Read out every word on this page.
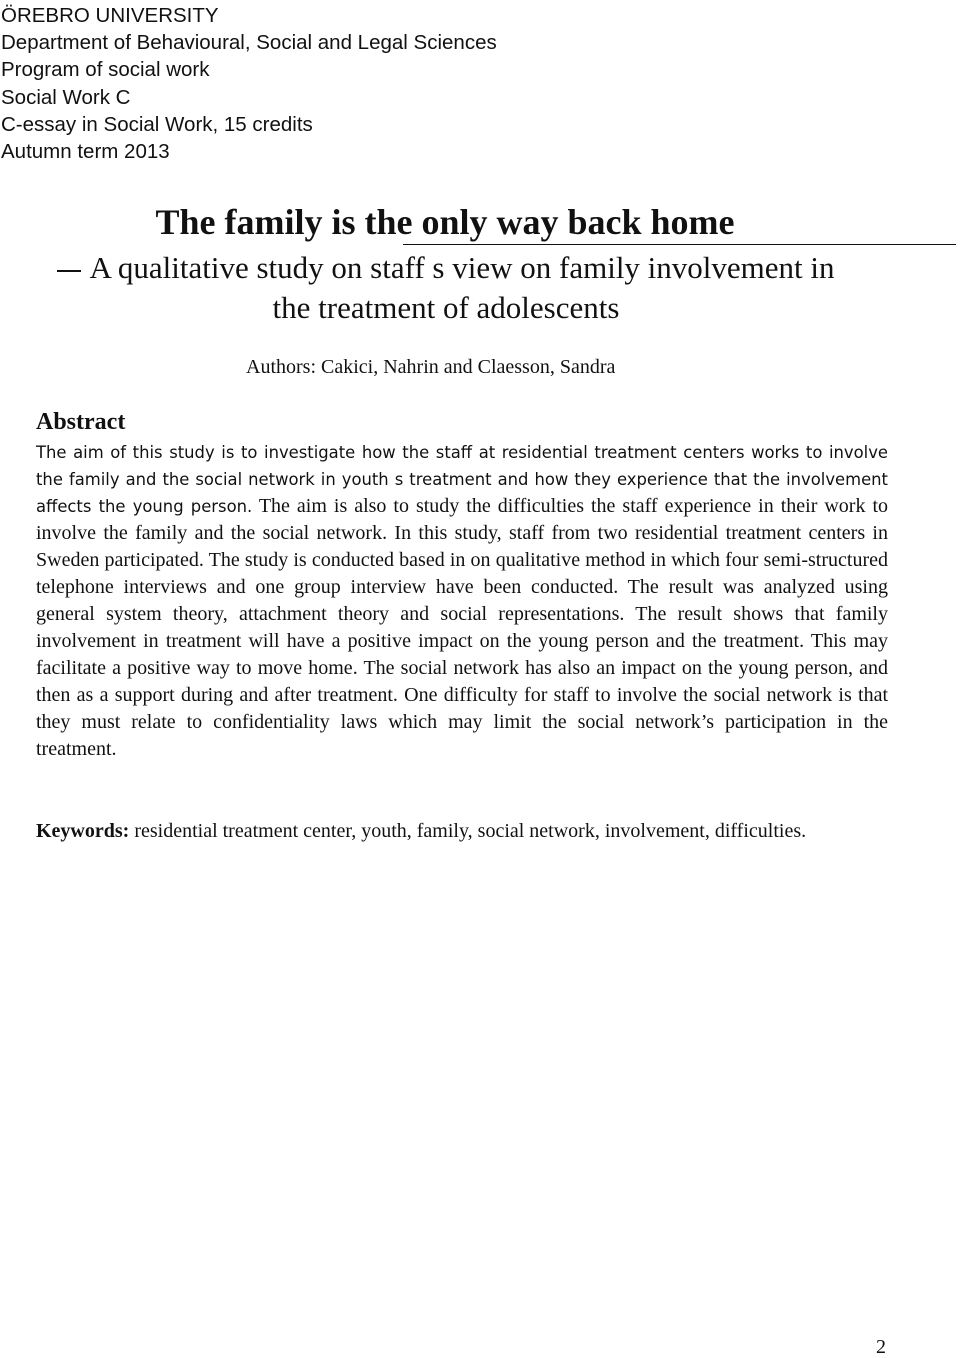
ÖREBRO UNIVERSITY
Department of Behavioural, Social and Legal Sciences
Program of social work
Social Work C
C-essay in Social Work, 15 credits
Autumn term 2013
The family is the only way back home
A qualitative study on staff s view on family involvement in
the treatment of adolescents
Authors: Cakici, Nahrin and Claesson, Sandra
Abstract
The aim of this study is to investigate how the staff at residential treatment centers works to involve the family and the social network in youth s treatment and how they experience that the involvement affects the young person. The aim is also to study the difficulties the staff experience in their work to involve the family and the social network. In this study, staff from two residential treatment centers in Sweden participated. The study is conducted based in on qualitative method in which four semi-structured telephone interviews and one group interview have been conducted. The result was analyzed using general system theory, attachment theory and social representations. The result shows that family involvement in treatment will have a positive impact on the young person and the treatment. This may facilitate a positive way to move home. The social network has also an impact on the young person, and then as a support during and after treatment. One difficulty for staff to involve the social network is that they must relate to confidentiality laws which may limit the social network’s participation in the treatment.
Keywords: residential treatment center, youth, family, social network, involvement, difficulties.
2
